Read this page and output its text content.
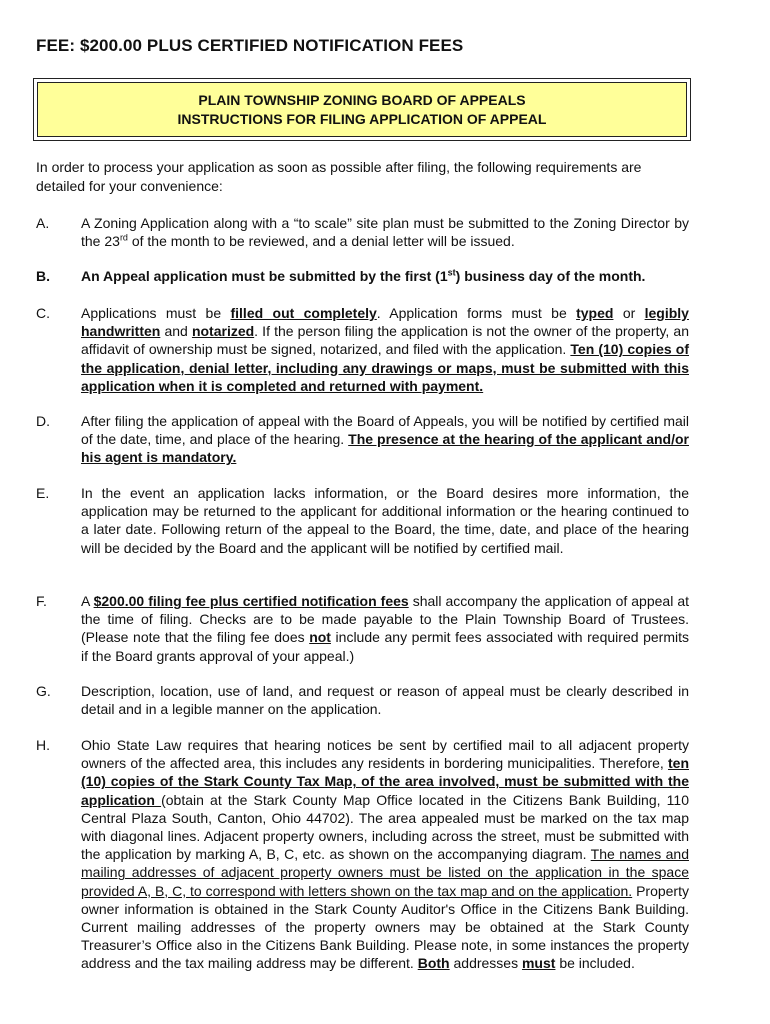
FEE: $200.00 PLUS CERTIFIED NOTIFICATION FEES
PLAIN TOWNSHIP ZONING BOARD OF APPEALS
INSTRUCTIONS FOR FILING APPLICATION OF APPEAL
In order to process your application as soon as possible after filing, the following requirements are detailed for your convenience:
A.	A Zoning Application along with a “to scale” site plan must be submitted to the Zoning Director by the 23rd of the month to be reviewed, and a denial letter will be issued.
B.	An Appeal application must be submitted by the first (1st) business day of the month.
C.	Applications must be filled out completely. Application forms must be typed or legibly handwritten and notarized. If the person filing the application is not the owner of the property, an affidavit of ownership must be signed, notarized, and filed with the application. Ten (10) copies of the application, denial letter, including any drawings or maps, must be submitted with this application when it is completed and returned with payment.
D.	After filing the application of appeal with the Board of Appeals, you will be notified by certified mail of the date, time, and place of the hearing. The presence at the hearing of the applicant and/or his agent is mandatory.
E.	In the event an application lacks information, or the Board desires more information, the application may be returned to the applicant for additional information or the hearing continued to a later date. Following return of the appeal to the Board, the time, date, and place of the hearing will be decided by the Board and the applicant will be notified by certified mail.
F.	A $200.00 filing fee plus certified notification fees shall accompany the application of appeal at the time of filing. Checks are to be made payable to the Plain Township Board of Trustees. (Please note that the filing fee does not include any permit fees associated with required permits if the Board grants approval of your appeal.)
G.	Description, location, use of land, and request or reason of appeal must be clearly described in detail and in a legible manner on the application.
H.	Ohio State Law requires that hearing notices be sent by certified mail to all adjacent property owners of the affected area, this includes any residents in bordering municipalities. Therefore, ten (10) copies of the Stark County Tax Map, of the area involved, must be submitted with the application (obtain at the Stark County Map Office located in the Citizens Bank Building, 110 Central Plaza South, Canton, Ohio 44702). The area appealed must be marked on the tax map with diagonal lines. Adjacent property owners, including across the street, must be submitted with the application by marking A, B, C, etc. as shown on the accompanying diagram. The names and mailing addresses of adjacent property owners must be listed on the application in the space provided A, B, C, to correspond with letters shown on the tax map and on the application. Property owner information is obtained in the Stark County Auditor's Office in the Citizens Bank Building. Current mailing addresses of the property owners may be obtained at the Stark County Treasurer’s Office also in the Citizens Bank Building. Please note, in some instances the property address and the tax mailing address may be different. Both addresses must be included.
